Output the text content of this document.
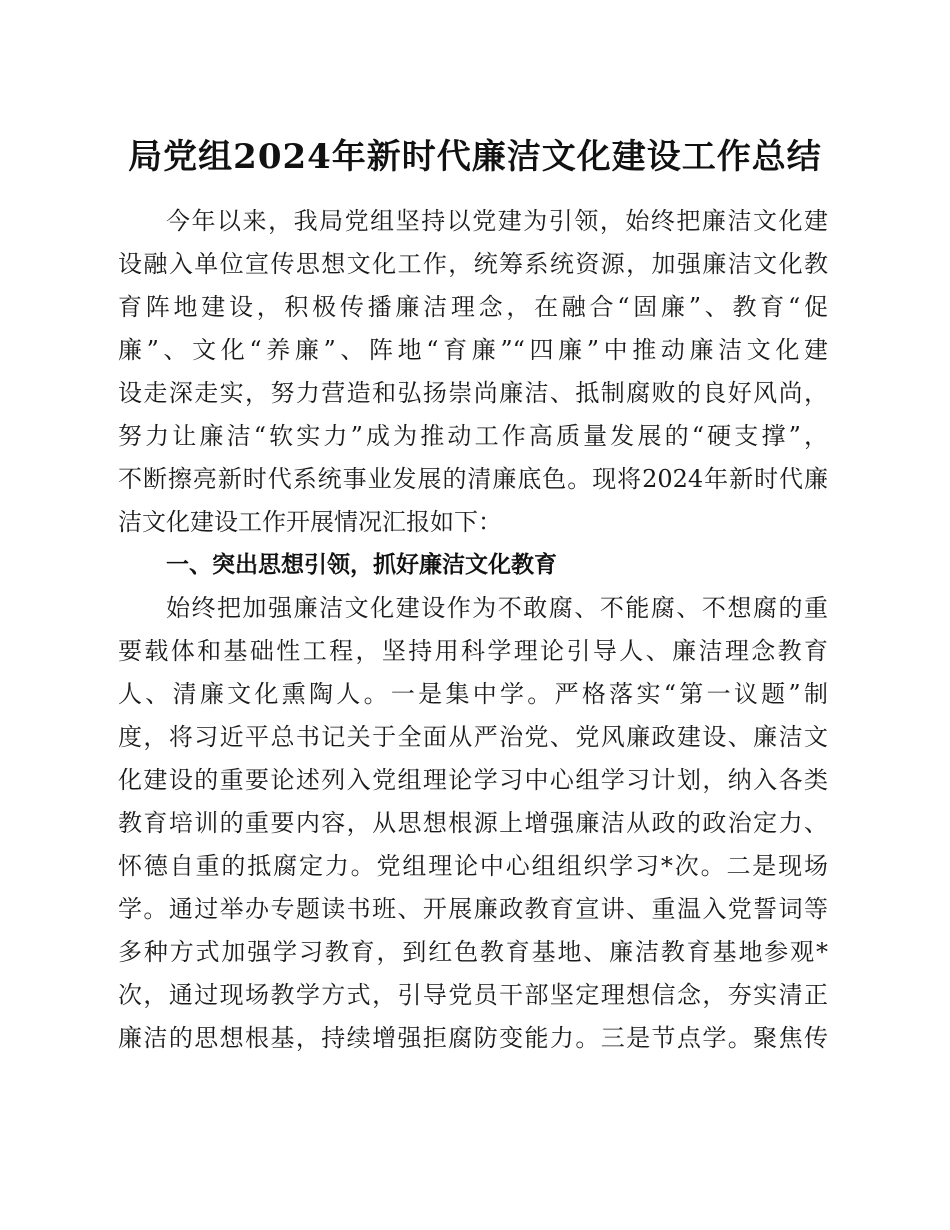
局党组2024年新时代廉洁文化建设工作总结
今年以来，我局党组坚持以党建为引领，始终把廉洁文化建
设融入单位宣传思想文化工作，统筹系统资源，加强廉洁文化教
育阵地建设，积极传播廉洁理念，在融合“固廉”、教育“促
廉”、文化“养廉”、阵地“育廉”“四廉”中推动廉洁文化建
设走深走实，努力营造和弘扬崇尚廉洁、抵制腐败的良好风尚，
努力让廉洁“软实力”成为推动工作高质量发展的“硬支撑”，
不断擦亮新时代系统事业发展的清廉底色。现将2024年新时代廉
洁文化建设工作开展情况汇报如下：
一、突出思想引领，抓好廉洁文化教育
始终把加强廉洁文化建设作为不敢腐、不能腐、不想腐的重
要载体和基础性工程，坚持用科学理论引导人、廉洁理念教育
人、清廉文化熏陶人。一是集中学。严格落实“第一议题”制
度，将习近平总书记关于全面从严治党、党风廉政建设、廉洁文
化建设的重要论述列入党组理论学习中心组学习计划，纳入各类
教育培训的重要内容，从思想根源上增强廉洁从政的政治定力、
怀德自重的抵腐定力。党组理论中心组组织学习*次。二是现场
学。通过举办专题读书班、开展廉政教育宣讲、重温入党誓词等
多种方式加强学习教育，到红色教育基地、廉洁教育基地参观*
次，通过现场教学方式，引导党员干部坚定理想信念，夯实清正
廉洁的思想根基，持续增强拒腐防变能力。三是节点学。聚焦传
